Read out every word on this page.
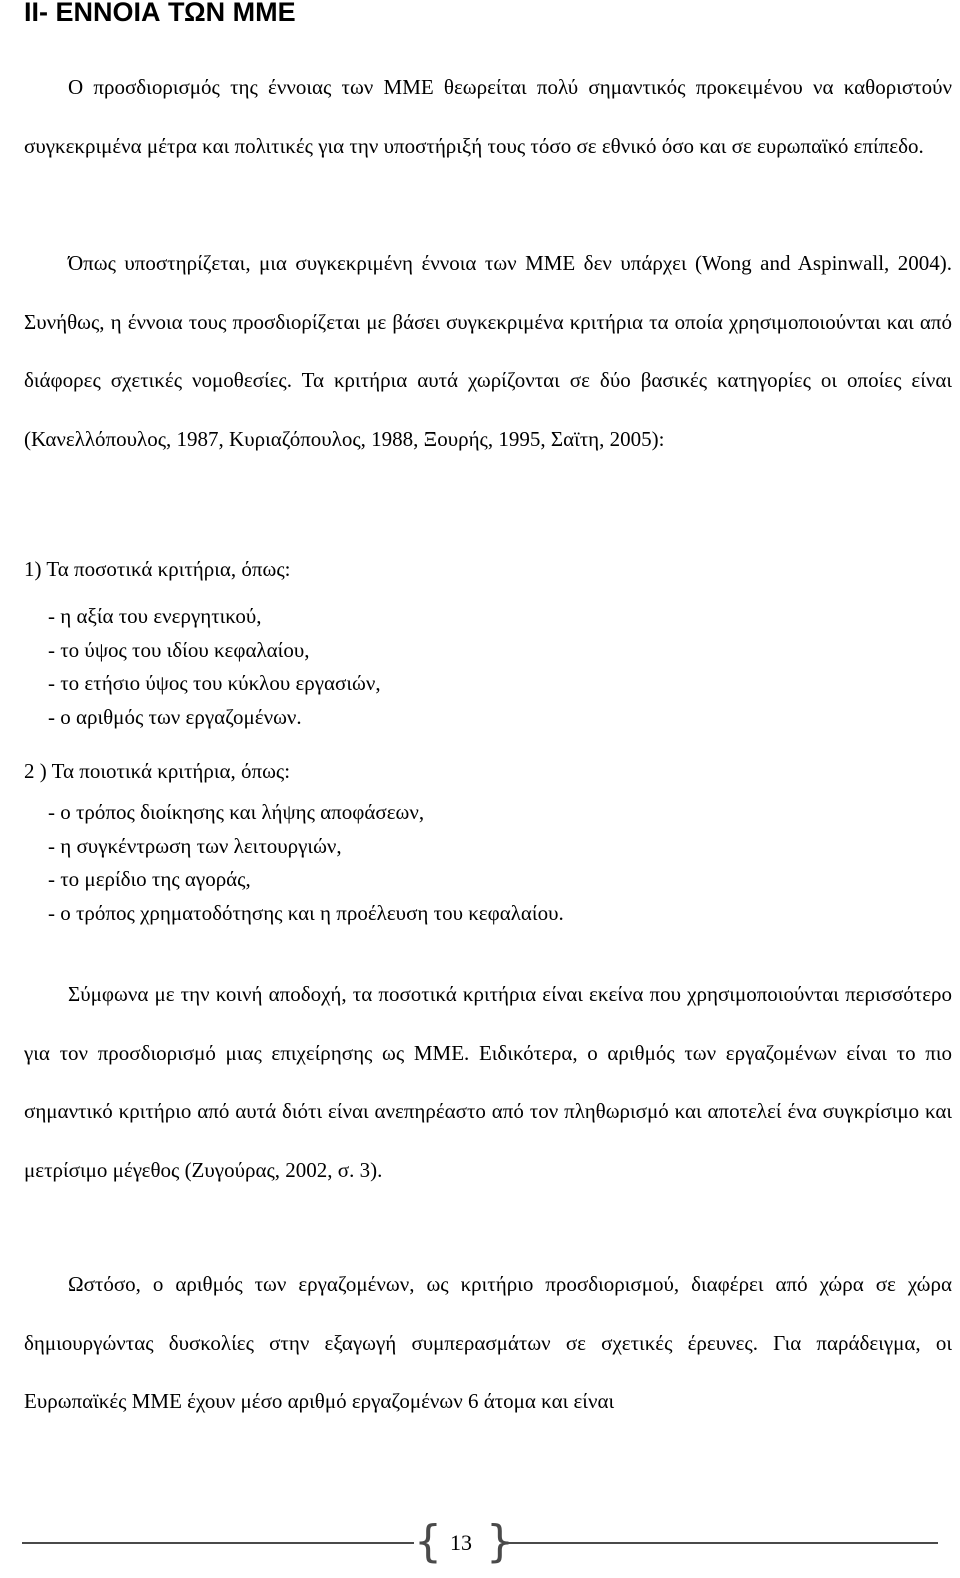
II- ΕΝΝΟΙΑ ΤΩΝ ΜΜΕ

Ο προσδιορισμός της έννοιας των ΜΜΕ θεωρείται πολύ σημαντικός προκειμένου να καθοριστούν συγκεκριμένα μέτρα και πολιτικές για την υποστήριξή τους τόσο σε εθνικό όσο και σε ευρωπαϊκό επίπεδο.

Όπως υποστηρίζεται, μια συγκεκριμένη έννοια των ΜΜΕ δεν υπάρχει (Wong and Aspinwall, 2004). Συνήθως, η έννοια τους προσδιορίζεται με βάσει συγκεκριμένα κριτήρια τα οποία χρησιμοποιούνται και από διάφορες σχετικές νομοθεσίες. Τα κριτήρια αυτά χωρίζονται σε δύο βασικές κατηγορίες οι οποίες είναι (Κανελλόπουλος, 1987, Κυριαζόπουλος, 1988, Ξουρής, 1995, Σαϊτη, 2005):

1) Τα ποσοτικά κριτήρια, όπως:

- η αξία του ενεργητικού,
- το ύψος του ιδίου κεφαλαίου,
- το ετήσιο ύψος του κύκλου εργασιών,
- ο αριθμός των εργαζομένων.

2 ) Τα ποιοτικά κριτήρια, όπως:

- ο τρόπος διοίκησης και λήψης αποφάσεων,
- η συγκέντρωση των λειτουργιών,
- το μερίδιο της αγοράς,
- ο τρόπος χρηματοδότησης και η προέλευση του κεφαλαίου.

Σύμφωνα με την κοινή αποδοχή, τα ποσοτικά κριτήρια είναι εκείνα που χρησιμοποιούνται περισσότερο για τον προσδιορισμό μιας επιχείρησης ως ΜΜΕ. Ειδικότερα, ο αριθμός των εργαζομένων είναι το πιο σημαντικό κριτήριο από αυτά διότι είναι ανεπηρέαστο από τον πληθωρισμό και αποτελεί ένα συγκρίσιμο και μετρίσιμο μέγεθος (Ζυγούρας, 2002, σ. 3).

Ωστόσο, ο αριθμός των εργαζομένων, ως κριτήριο προσδιορισμού, διαφέρει από χώρα σε χώρα δημιουργώντας δυσκολίες στην εξαγωγή συμπερασμάτων σε σχετικές έρευνες. Για παράδειγμα, οι Ευρωπαϊκές ΜΜΕ έχουν μέσο αριθμό εργαζομένων 6 άτομα και είναι

{ 13 }
